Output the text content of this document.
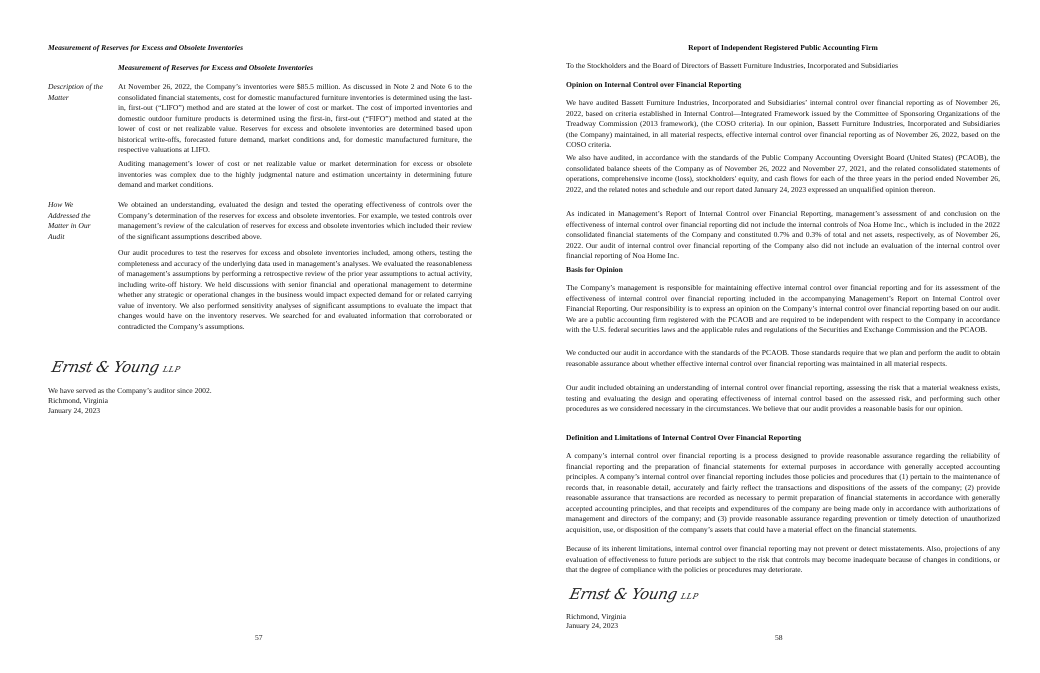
Measurement of Reserves for Excess and Obsolete Inventories
Measurement of Reserves for Excess and Obsolete Inventories
Description of the Matter

At November 26, 2022, the Company’s inventories were $85.5 million. As discussed in Note 2 and Note 6 to the consolidated financial statements, cost for domestic manufactured furniture inventories is determined using the last-in, first-out (“LIFO”) method and are stated at the lower of cost or market. The cost of imported inventories and domestic outdoor furniture products is determined using the first-in, first-out (“FIFO”) method and stated at the lower of cost or net realizable value. Reserves for excess and obsolete inventories are determined based upon historical write-offs, forecasted future demand, market conditions and, for domestic manufactured furniture, the respective valuations at LIFO.

Auditing management’s lower of cost or net realizable value or market determination for excess or obsolete inventories was complex due to the highly judgmental nature and estimation uncertainty in determining future demand and market conditions.

How We Addressed the Matter in Our Audit

We obtained an understanding, evaluated the design and tested the operating effectiveness of controls over the Company’s determination of the reserves for excess and obsolete inventories. For example, we tested controls over management’s review of the calculation of reserves for excess and obsolete inventories which included their review of the significant assumptions described above.

Our audit procedures to test the reserves for excess and obsolete inventories included, among others, testing the completeness and accuracy of the underlying data used in management’s analyses. We evaluated the reasonableness of management’s assumptions by performing a retrospective review of the prior year assumptions to actual activity, including write-off history. We held discussions with senior financial and operational management to determine whether any strategic or operational changes in the business would impact expected demand for or related carrying value of inventory. We also performed sensitivity analyses of significant assumptions to evaluate the impact that changes would have on the inventory reserves. We searched for and evaluated information that corroborated or contradicted the Company’s assumptions.

Ernst & Young LLP
We have served as the Company’s auditor since 2002.
Richmond, Virginia
January 24, 2023
57
Report of Independent Registered Public Accounting Firm
To the Stockholders and the Board of Directors of Bassett Furniture Industries, Incorporated and Subsidiaries
Opinion on Internal Control over Financial Reporting

We have audited Bassett Furniture Industries, Incorporated and Subsidiaries’ internal control over financial reporting as of November 26, 2022, based on criteria established in Internal Control—Integrated Framework issued by the Committee of Sponsoring Organizations of the Treadway Commission (2013 framework), (the COSO criteria). In our opinion, Bassett Furniture Industries, Incorporated and Subsidiaries (the Company) maintained, in all material respects, effective internal control over financial reporting as of November 26, 2022, based on the COSO criteria.

We also have audited, in accordance with the standards of the Public Company Accounting Oversight Board (United States) (PCAOB), the consolidated balance sheets of the Company as of November 26, 2022 and November 27, 2021, and the related consolidated statements of operations, comprehensive income (loss), stockholders' equity, and cash flows for each of the three years in the period ended November 26, 2022, and the related notes and schedule and our report dated January 24, 2023 expressed an unqualified opinion thereon.

As indicated in Management’s Report of Internal Control over Financial Reporting, management’s assessment of and conclusion on the effectiveness of internal control over financial reporting did not include the internal controls of Noa Home Inc., which is included in the 2022 consolidated financial statements of the Company and constituted 0.7% and 0.3% of total and net assets, respectively, as of November 26, 2022. Our audit of internal control over financial reporting of the Company also did not include an evaluation of the internal control over financial reporting of Noa Home Inc.

Basis for Opinion

The Company’s management is responsible for maintaining effective internal control over financial reporting and for its assessment of the effectiveness of internal control over financial reporting included in the accompanying Management’s Report on Internal Control over Financial Reporting. Our responsibility is to express an opinion on the Company’s internal control over financial reporting based on our audit. We are a public accounting firm registered with the PCAOB and are required to be independent with respect to the Company in accordance with the U.S. federal securities laws and the applicable rules and regulations of the Securities and Exchange Commission and the PCAOB.

We conducted our audit in accordance with the standards of the PCAOB. Those standards require that we plan and perform the audit to obtain reasonable assurance about whether effective internal control over financial reporting was maintained in all material respects.

Our audit included obtaining an understanding of internal control over financial reporting, assessing the risk that a material weakness exists, testing and evaluating the design and operating effectiveness of internal control based on the assessed risk, and performing such other procedures as we considered necessary in the circumstances. We believe that our audit provides a reasonable basis for our opinion.

Definition and Limitations of Internal Control Over Financial Reporting

A company’s internal control over financial reporting is a process designed to provide reasonable assurance regarding the reliability of financial reporting and the preparation of financial statements for external purposes in accordance with generally accepted accounting principles. A company’s internal control over financial reporting includes those policies and procedures that (1) pertain to the maintenance of records that, in reasonable detail, accurately and fairly reflect the transactions and dispositions of the assets of the company; (2) provide reasonable assurance that transactions are recorded as necessary to permit preparation of financial statements in accordance with generally accepted accounting principles, and that receipts and expenditures of the company are being made only in accordance with authorizations of management and directors of the company; and (3) provide reasonable assurance regarding prevention or timely detection of unauthorized acquisition, use, or disposition of the company’s assets that could have a material effect on the financial statements.

Because of its inherent limitations, internal control over financial reporting may not prevent or detect misstatements. Also, projections of any evaluation of effectiveness to future periods are subject to the risk that controls may become inadequate because of changes in conditions, or that the degree of compliance with the policies or procedures may deteriorate.

Ernst & Young LLP
Richmond, Virginia
January 24, 2023
58
